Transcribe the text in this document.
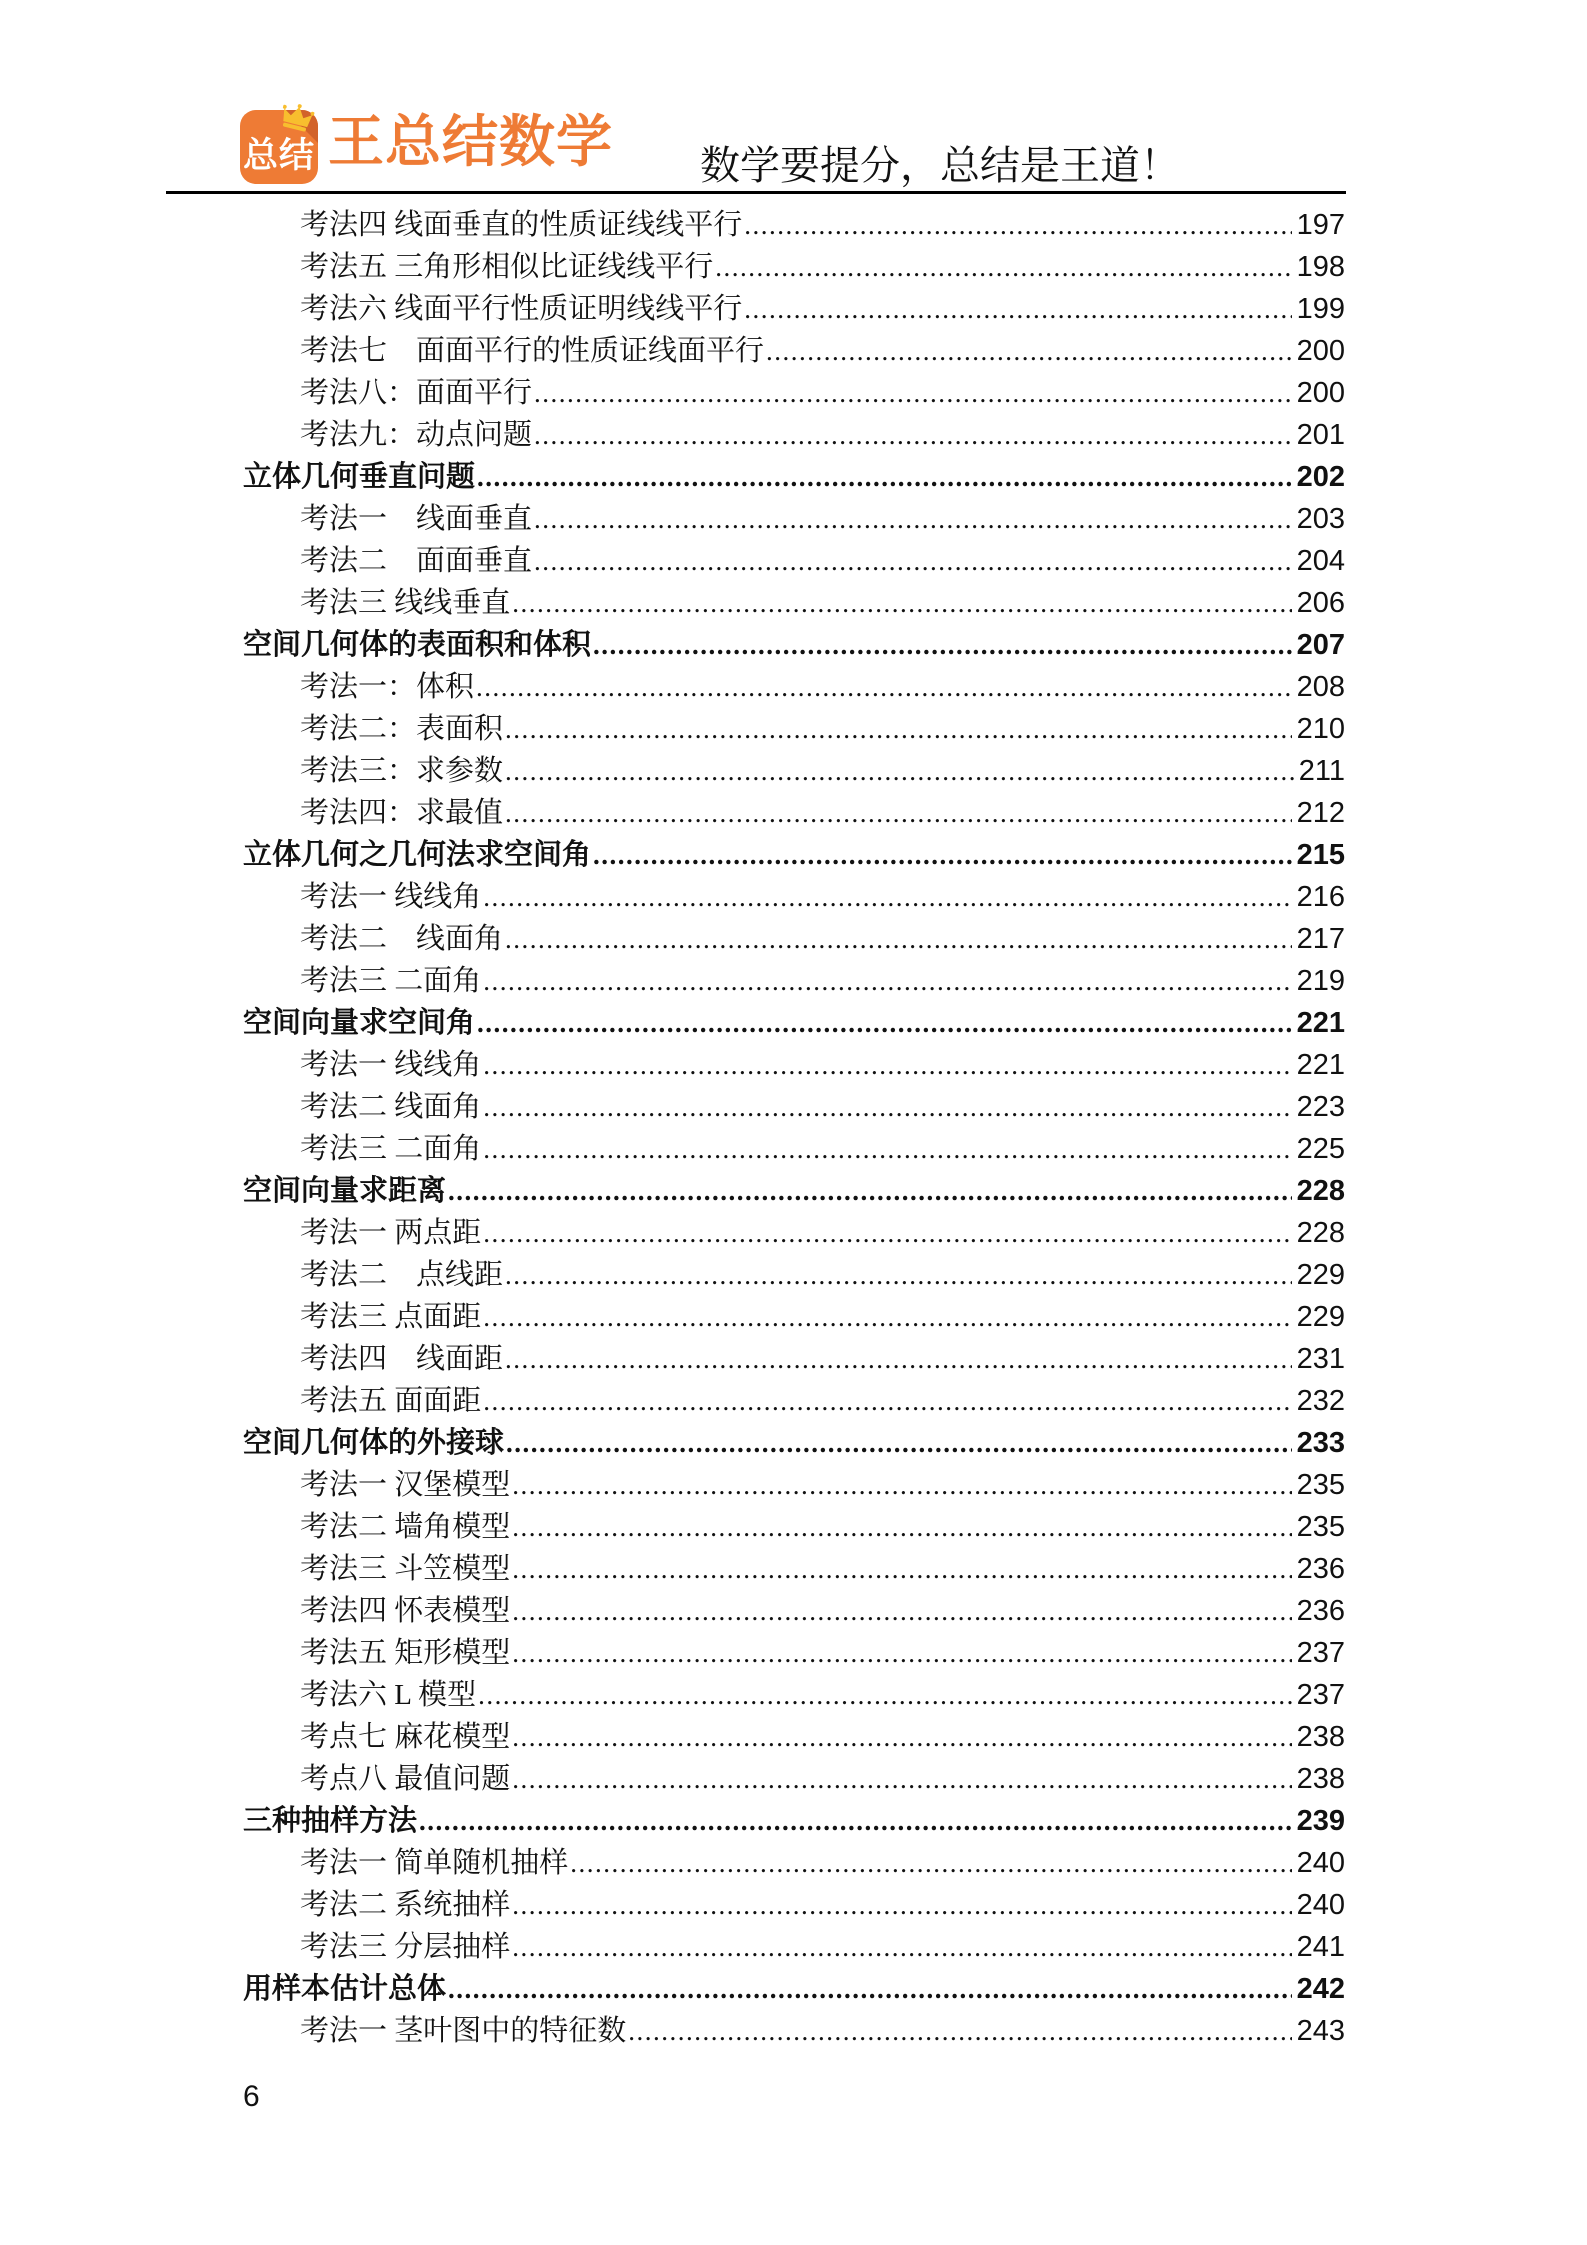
总结 王总结数学 数学要提分，总结是王道！
考法四 线面垂直的性质证线线平行 .....	197
考法五 三角形相似比证线线平行 .....	198
考法六 线面平行性质证明线线平行 .....	199
考法七　面面平行的性质证线面平行 .....	200
考法八：面面平行 .....	200
考法九：动点问题 .....	201
立体几何垂直问题 .....	202
考法一　线面垂直 .....	203
考法二　面面垂直 .....	204
考法三 线线垂直 .....	206
空间几何体的表面积和体积 .....	207
考法一：体积 .....	208
考法二：表面积 .....	210
考法三：求参数 .....	211
考法四：求最值 .....	212
立体几何之几何法求空间角 .....	215
考法一 线线角 .....	216
考法二　线面角 .....	217
考法三 二面角 .....	219
空间向量求空间角 .....	221
考法一 线线角 .....	221
考法二 线面角 .....	223
考法三 二面角 .....	225
空间向量求距离 .....	228
考法一 两点距 .....	228
考法二　点线距 .....	229
考法三 点面距 .....	229
考法四　线面距 .....	231
考法五 面面距 .....	232
空间几何体的外接球 .....	233
考法一 汉堡模型 .....	235
考法二 墙角模型 .....	235
考法三 斗笠模型 .....	236
考法四 怀表模型 .....	236
考法五 矩形模型 .....	237
考法六 L 模型 .....	237
考点七 麻花模型 .....	238
考点八 最值问题 .....	238
三种抽样方法 .....	239
考法一 简单随机抽样 .....	240
考法二 系统抽样 .....	240
考法三 分层抽样 .....	241
用样本估计总体 .....	242
考法一 茎叶图中的特征数 .....	243
6
